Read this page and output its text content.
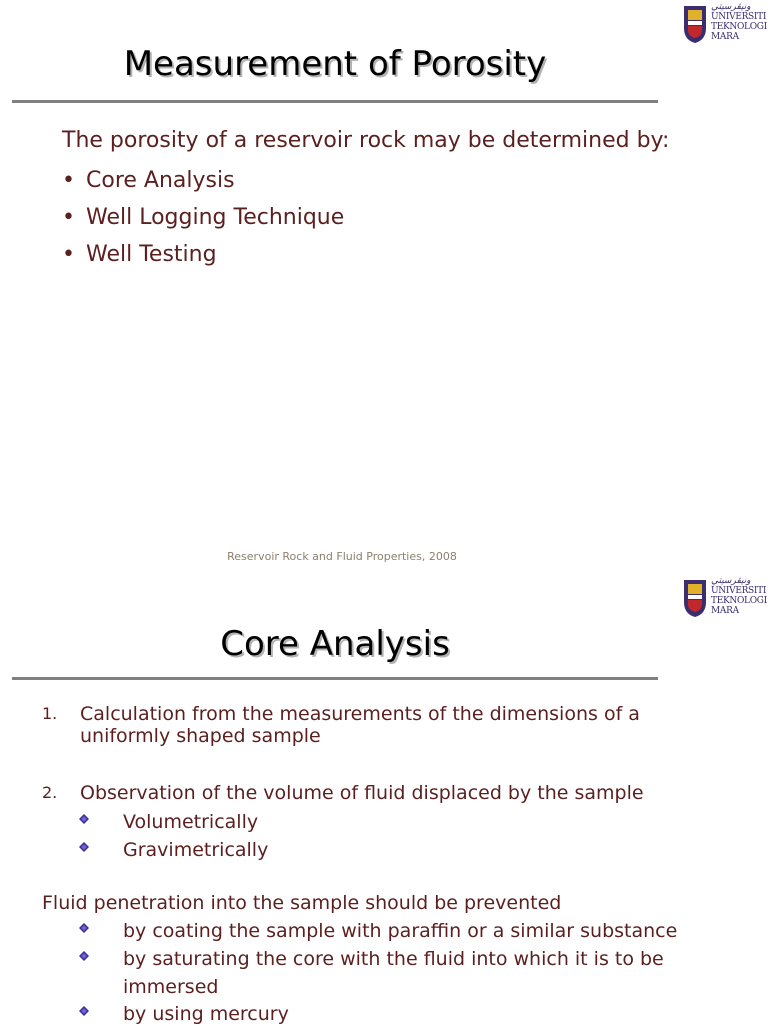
ﻭﻧﻴﭭﺮﺳﻴﺘﻲ
UNIVERSITI
TEKNOLOGI
MARA
Measurement of Porosity
The porosity of a reservoir rock may be determined by:
• Core Analysis
• Well Logging Technique
• Well Testing
Reservoir Rock and Fluid Properties, 2008
ﻭﻧﻴﭭﺮﺳﻴﺘﻲ
UNIVERSITI
TEKNOLOGI
MARA
Core Analysis
1.	Calculation from the measurements of the dimensions of a
uniformly shaped sample
2.	Observation of the volume of fluid displaced by the sample
Volumetrically
Gravimetrically
Fluid penetration into the sample should be prevented
by coating the sample with paraffin or a similar substance
by saturating the core with the fluid into which it is to be
immersed
by using mercury
